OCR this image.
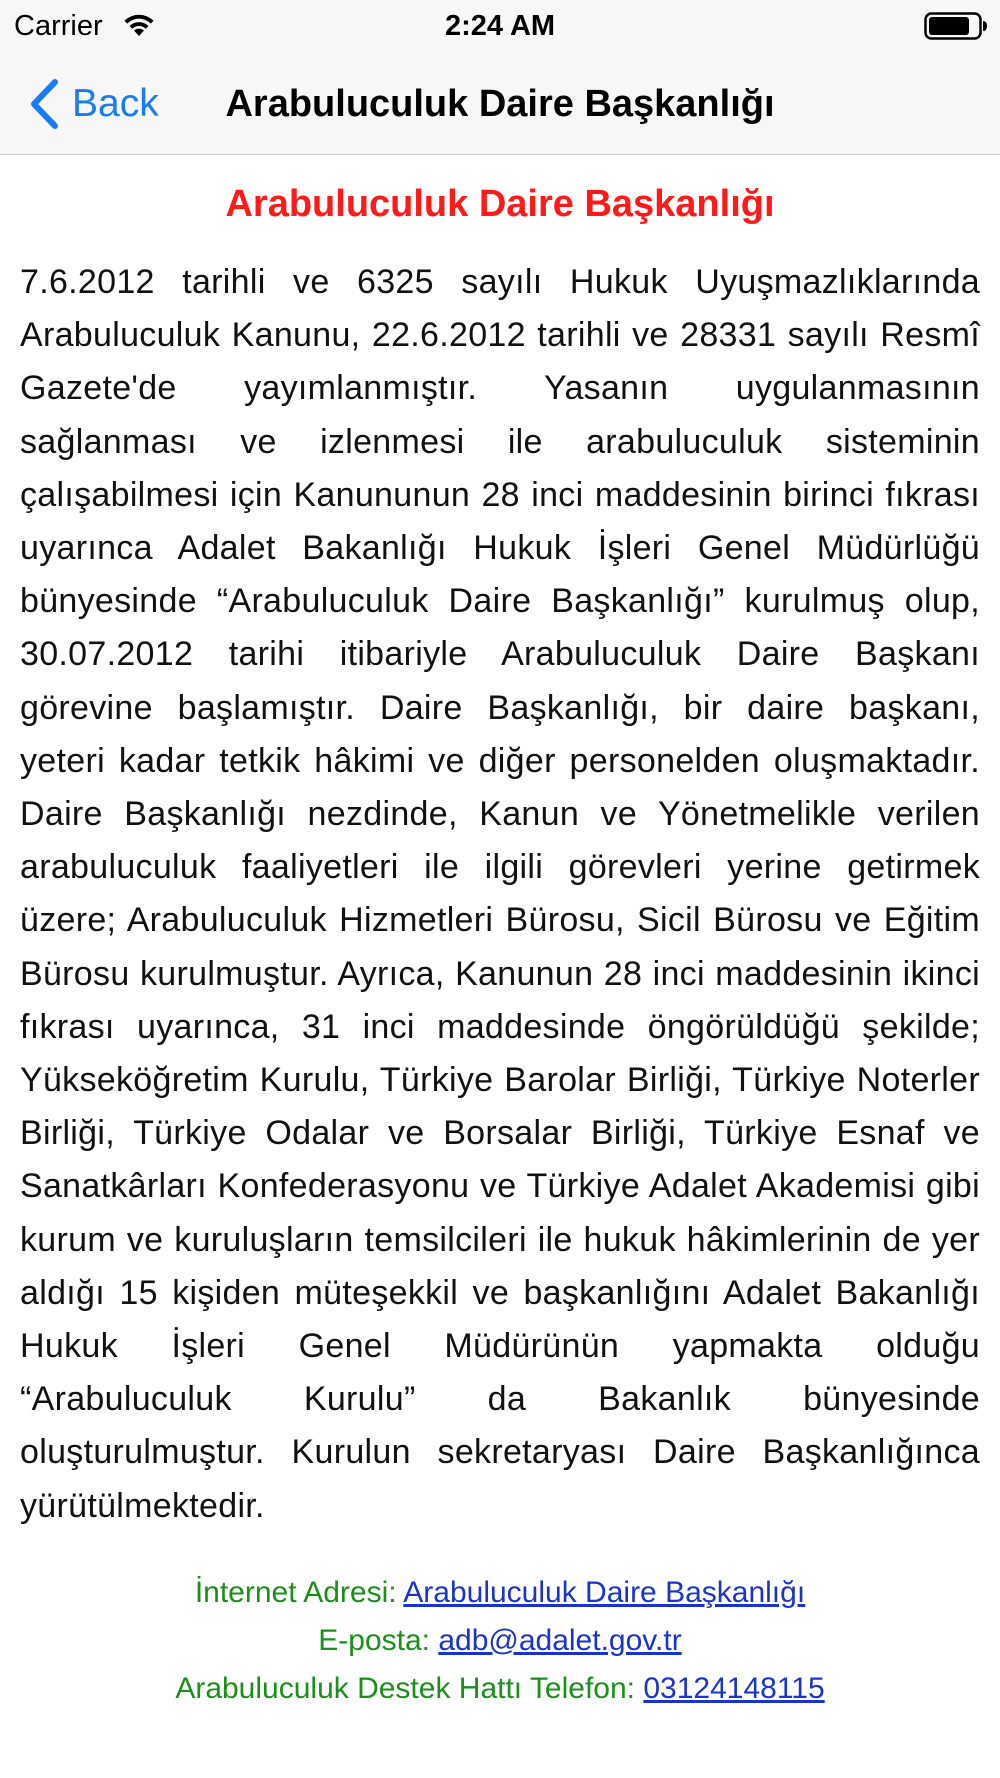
Carrier	2:24 AM
Back	Arabuluculuk Daire Başkanlığı
Arabuluculuk Daire Başkanlığı

7.6.2012 tarihli ve 6325 sayılı Hukuk Uyuşmazlıklarında Arabuluculuk Kanunu, 22.6.2012 tarihli ve 28331 sayılı Resmî Gazete'de yayımlanmıştır. Yasanın uygulanmasının sağlanması ve izlenmesi ile arabuluculuk sisteminin çalışabilmesi için Kanununun 28 inci maddesinin birinci fıkrası uyarınca Adalet Bakanlığı Hukuk İşleri Genel Müdürlüğü bünyesinde “Arabuluculuk Daire Başkanlığı” kurulmuş olup, 30.07.2012 tarihi itibariyle Arabuluculuk Daire Başkanı görevine başlamıştır. Daire Başkanlığı, bir daire başkanı, yeteri kadar tetkik hâkimi ve diğer personelden oluşmaktadır. Daire Başkanlığı nezdinde, Kanun ve Yönetmelikle verilen arabuluculuk faaliyetleri ile ilgili görevleri yerine getirmek üzere; Arabuluculuk Hizmetleri Bürosu, Sicil Bürosu ve Eğitim Bürosu kurulmuştur. Ayrıca, Kanunun 28 inci maddesinin ikinci fıkrası uyarınca, 31 inci maddesinde öngörüldüğü şekilde; Yükseköğretim Kurulu, Türkiye Barolar Birliği, Türkiye Noterler Birliği, Türkiye Odalar ve Borsalar Birliği, Türkiye Esnaf ve Sanatkârları Konfederasyonu ve Türkiye Adalet Akademisi gibi kurum ve kuruluşların temsilcileri ile hukuk hâkimlerinin de yer aldığı 15 kişiden müteşekkil ve başkanlığını Adalet Bakanlığı Hukuk İşleri Genel Müdürünün yapmakta olduğu “Arabuluculuk Kurulu” da Bakanlık bünyesinde oluşturulmuştur. Kurulun sekretaryası Daire Başkanlığınca yürütülmektedir.

İnternet Adresi: Arabuluculuk Daire Başkanlığı
E-posta: adb@adalet.gov.tr
Arabuluculuk Destek Hattı Telefon: 03124148115
